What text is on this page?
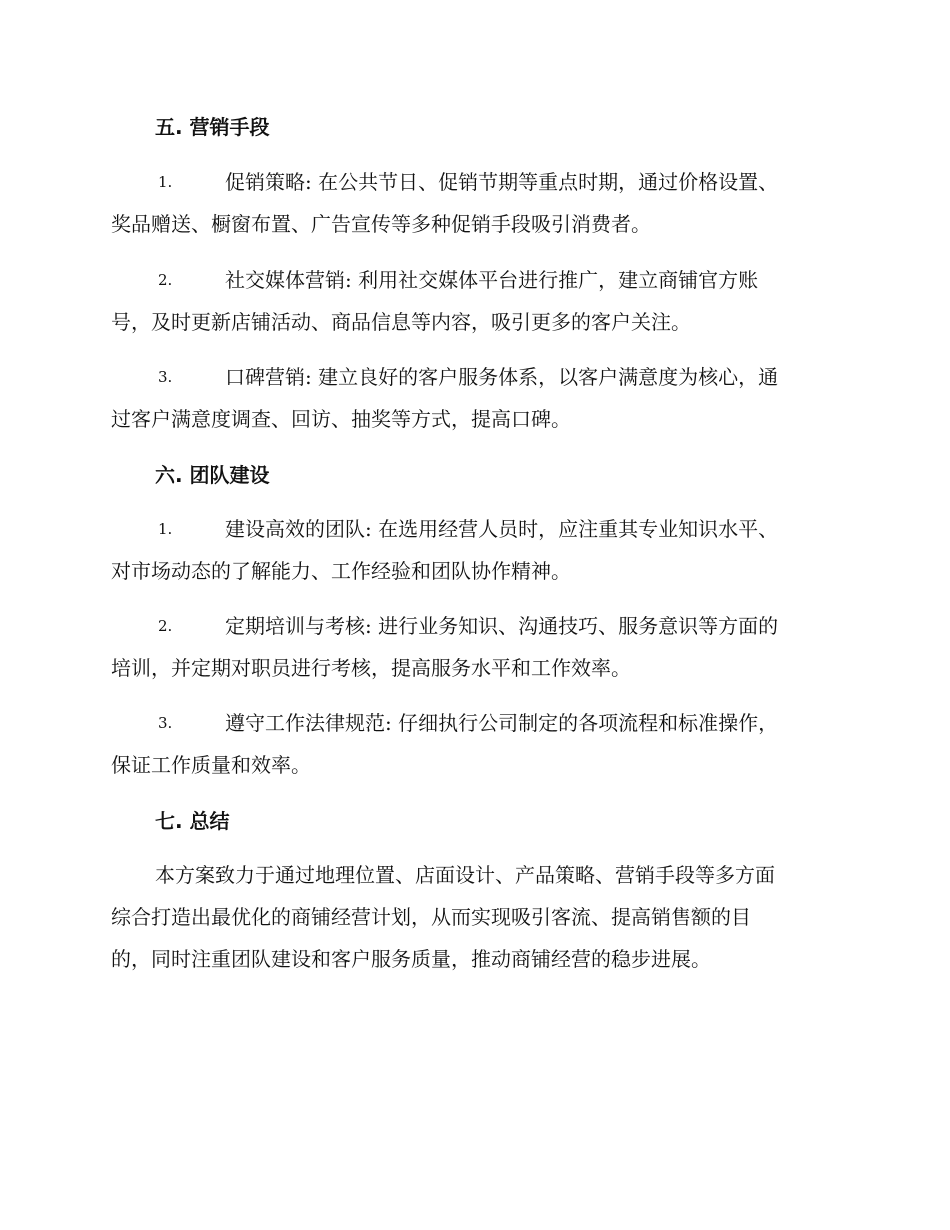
五. 营销手段
1.	促销策略: 在公共节日、促销节期等重点时期，通过价格设置、
奖品赠送、橱窗布置、广告宣传等多种促销手段吸引消费者。
2.	社交媒体营销: 利用社交媒体平台进行推广，建立商铺官方账
号，及时更新店铺活动、商品信息等内容，吸引更多的客户关注。
3.	口碑营销: 建立良好的客户服务体系，以客户满意度为核心，通
过客户满意度调查、回访、抽奖等方式，提高口碑。
六. 团队建设
1.	建设高效的团队: 在选用经营人员时，应注重其专业知识水平、
对市场动态的了解能力、工作经验和团队协作精神。
2.	定期培训与考核: 进行业务知识、沟通技巧、服务意识等方面的
培训，并定期对职员进行考核，提高服务水平和工作效率。
3.	遵守工作法律规范: 仔细执行公司制定的各项流程和标准操作，
保证工作质量和效率。
七. 总结
本方案致力于通过地理位置、店面设计、产品策略、营销手段等多方面
综合打造出最优化的商铺经营计划，从而实现吸引客流、提高销售额的目
的，同时注重团队建设和客户服务质量，推动商铺经营的稳步进展。
